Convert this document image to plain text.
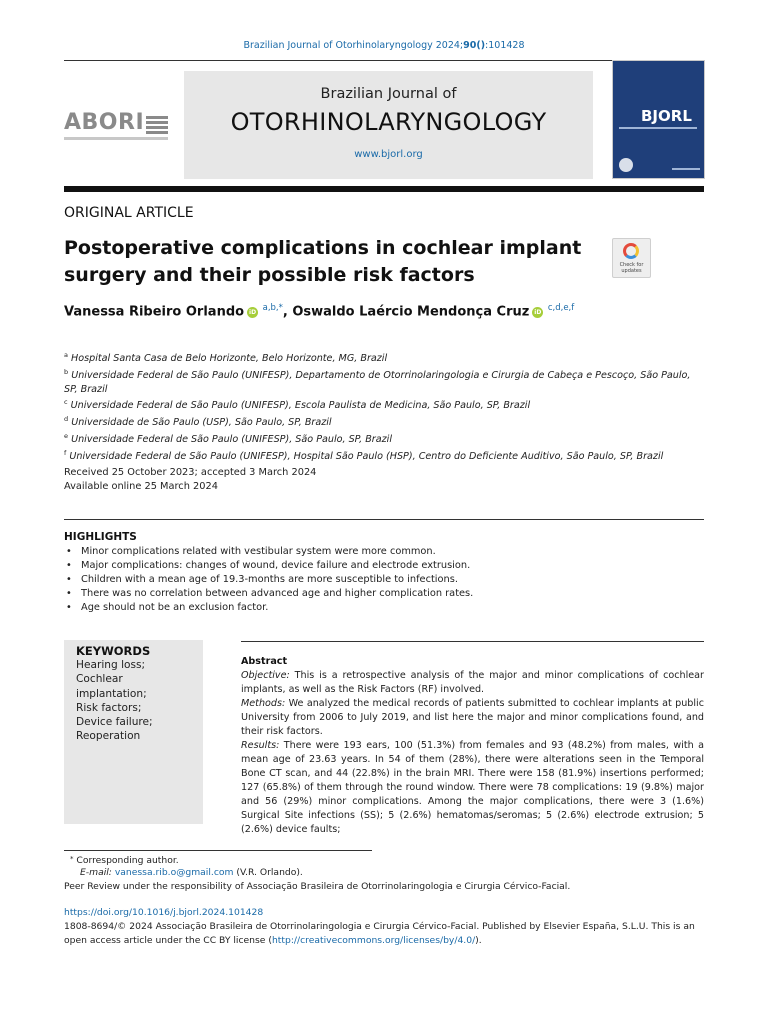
Brazilian Journal of Otorhinolaryngology 2024;90():101428
ABORI
Brazilian Journal of
OTORHINOLARYNGOLOGY
www.bjorl.org
BJORL
ORIGINAL ARTICLE
Postoperative complications in cochlear implant surgery and their possible risk factors	Check for updates
Vanessa Ribeiro Orlando iD $^{a,b,*}$, Oswaldo Laércio Mendonça Cruz iD $^{c,d,e,f}$
$^a$ Hospital Santa Casa de Belo Horizonte, Belo Horizonte, MG, Brazil
$^b$ Universidade Federal de São Paulo (UNIFESP), Departamento de Otorrinolaringologia e Cirurgia de Cabeça e Pescoço, São Paulo, SP, Brazil
$^c$ Universidade Federal de São Paulo (UNIFESP), Escola Paulista de Medicina, São Paulo, SP, Brazil
$^d$ Universidade de São Paulo (USP), São Paulo, SP, Brazil
$^e$ Universidade Federal de São Paulo (UNIFESP), São Paulo, SP, Brazil
$^f$ Universidade Federal de São Paulo (UNIFESP), Hospital São Paulo (HSP), Centro do Deficiente Auditivo, São Paulo, SP, Brazil
Received 25 October 2023; accepted 3 March 2024
Available online 25 March 2024
HIGHLIGHTS
• Minor complications related with vestibular system were more common.
• Major complications: changes of wound, device failure and electrode extrusion.
• Children with a mean age of 19.3-months are more susceptible to infections.
• There was no correlation between advanced age and higher complication rates.
• Age should not be an exclusion factor.
KEYWORDS
Hearing loss;
Cochlear
implantation;
Risk factors;
Device failure;
Reoperation
Abstract
Objective: This is a retrospective analysis of the major and minor complications of cochlear implants, as well as the Risk Factors (RF) involved.
Methods: We analyzed the medical records of patients submitted to cochlear implants at public University from 2006 to July 2019, and list here the major and minor complications found, and their risk factors.
Results: There were 193 ears, 100 (51.3%) from females and 93 (48.2%) from males, with a mean age of 23.63 years. In 54 of them (28%), there were alterations seen in the Temporal Bone CT scan, and 44 (22.8%) in the brain MRI. There were 158 (81.9%) insertions performed; 127 (65.8%) of them through the round window. There were 78 complications: 19 (9.8%) major and 56 (29%) minor complications. Among the major complications, there were 3 (1.6%) Surgical Site infections (SS); 5 (2.6%) hematomas/seromas; 5 (2.6%) electrode extrusion; 5 (2.6%) device faults;
* Corresponding author.
E-mail: vanessa.rib.o@gmail.com (V.R. Orlando).
Peer Review under the responsibility of Associação Brasileira de Otorrinolaringologia e Cirurgia Cérvico-Facial.
https://doi.org/10.1016/j.bjorl.2024.101428
1808-8694/© 2024 Associação Brasileira de Otorrinolaringologia e Cirurgia Cérvico-Facial. Published by Elsevier España, S.L.U. This is an open access article under the CC BY license (http://creativecommons.org/licenses/by/4.0/).
